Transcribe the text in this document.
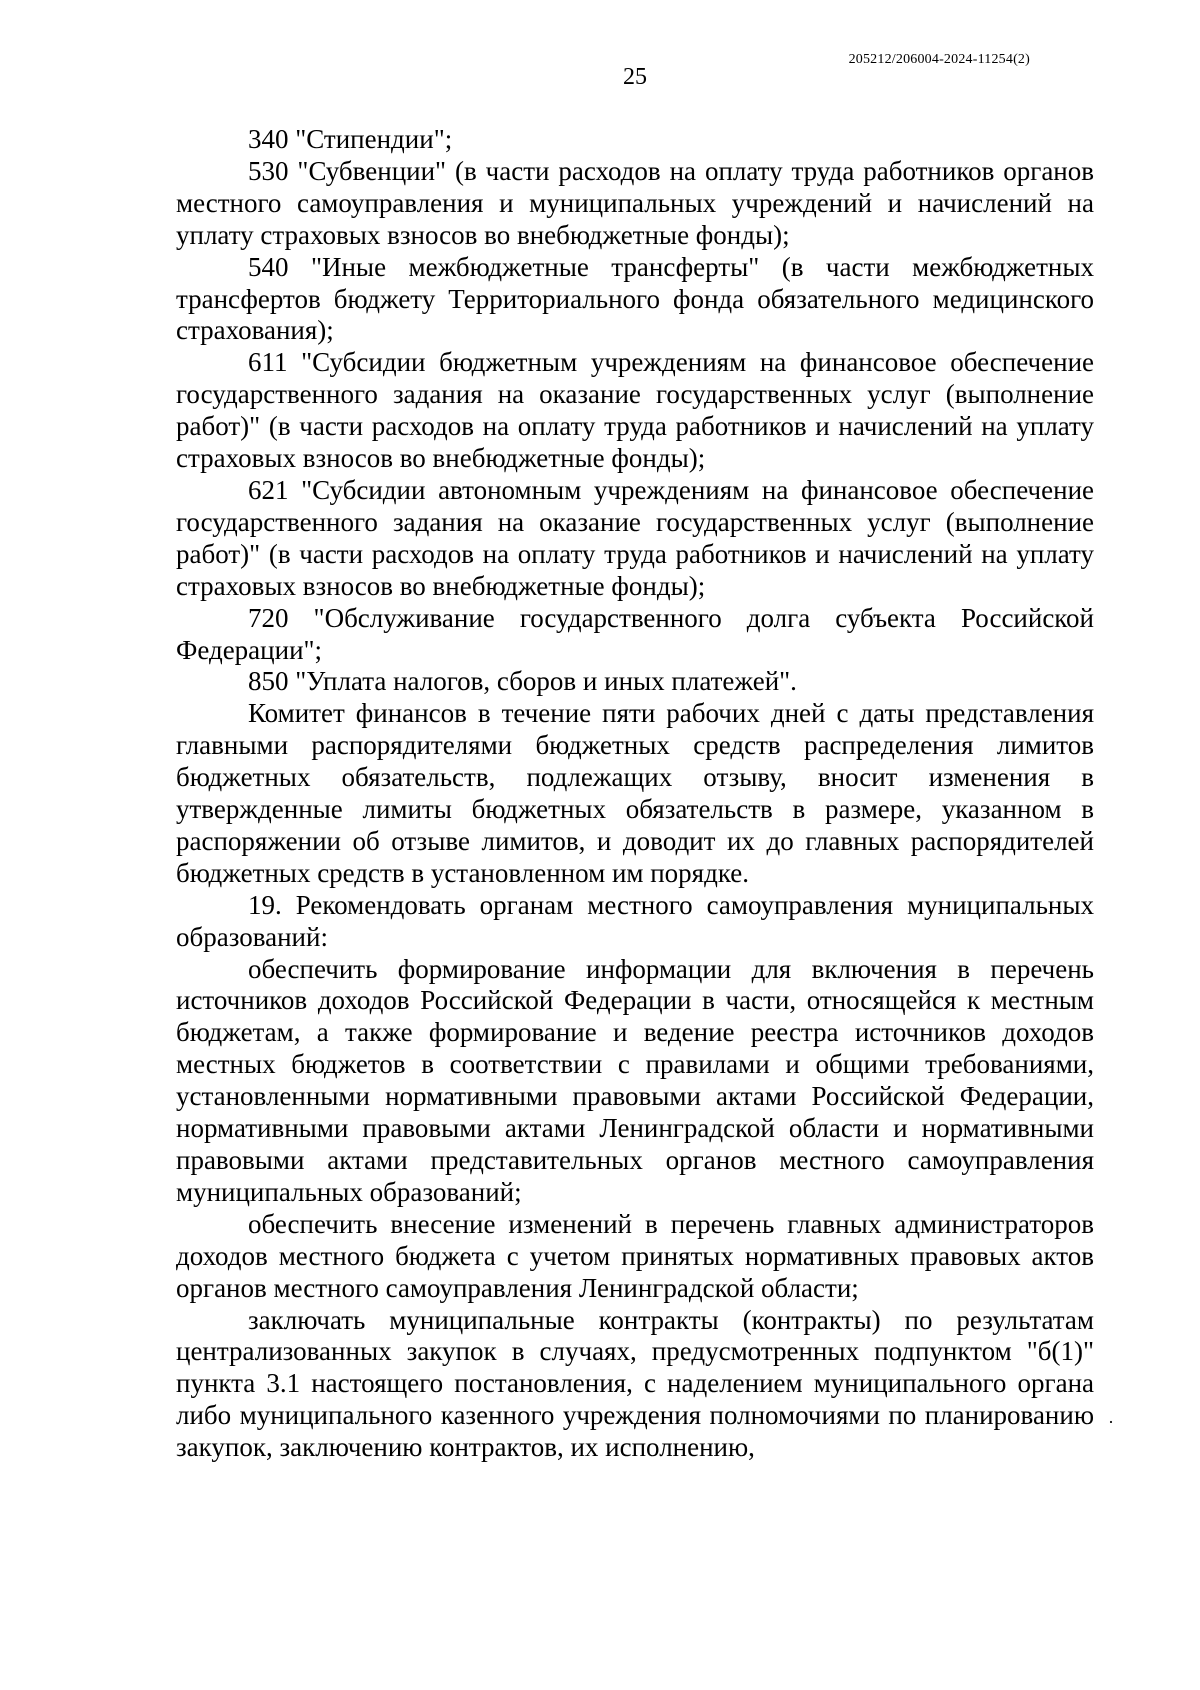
205212/206004-2024-11254(2)
25

340 "Стипендии";

530 "Субвенции" (в части расходов на оплату труда работников органов местного самоуправления и муниципальных учреждений и начислений на уплату страховых взносов во внебюджетные фонды);

540 "Иные межбюджетные трансферты" (в части межбюджетных трансфертов бюджету Территориального фонда обязательного медицинского страхования);

611 "Субсидии бюджетным учреждениям на финансовое обеспечение государственного задания на оказание государственных услуг (выполнение работ)" (в части расходов на оплату труда работников и начислений на уплату страховых взносов во внебюджетные фонды);

621 "Субсидии автономным учреждениям на финансовое обеспечение государственного задания на оказание государственных услуг (выполнение работ)" (в части расходов на оплату труда работников и начислений на уплату страховых взносов во внебюджетные фонды);

720 "Обслуживание государственного долга субъекта Российской Федерации";

850 "Уплата налогов, сборов и иных платежей".

Комитет финансов в течение пяти рабочих дней с даты представления главными распорядителями бюджетных средств распределения лимитов бюджетных обязательств, подлежащих отзыву, вносит изменения в утвержденные лимиты бюджетных обязательств в размере, указанном в распоряжении об отзыве лимитов, и доводит их до главных распорядителей бюджетных средств в установленном им порядке.

19. Рекомендовать органам местного самоуправления муниципальных образований:

обеспечить формирование информации для включения в перечень источников доходов Российской Федерации в части, относящейся к местным бюджетам, а также формирование и ведение реестра источников доходов местных бюджетов в соответствии с правилами и общими требованиями, установленными нормативными правовыми актами Российской Федерации, нормативными правовыми актами Ленинградской области и нормативными правовыми актами представительных органов местного самоуправления муниципальных образований;

обеспечить внесение изменений в перечень главных администраторов доходов местного бюджета с учетом принятых нормативных правовых актов органов местного самоуправления Ленинградской области;

заключать муниципальные контракты (контракты) по результатам централизованных закупок в случаях, предусмотренных подпунктом "б(1)" пункта 3.1 настоящего постановления, с наделением муниципального органа либо муниципального казенного учреждения полномочиями по планированию закупок, заключению контрактов, их исполнению,

·
